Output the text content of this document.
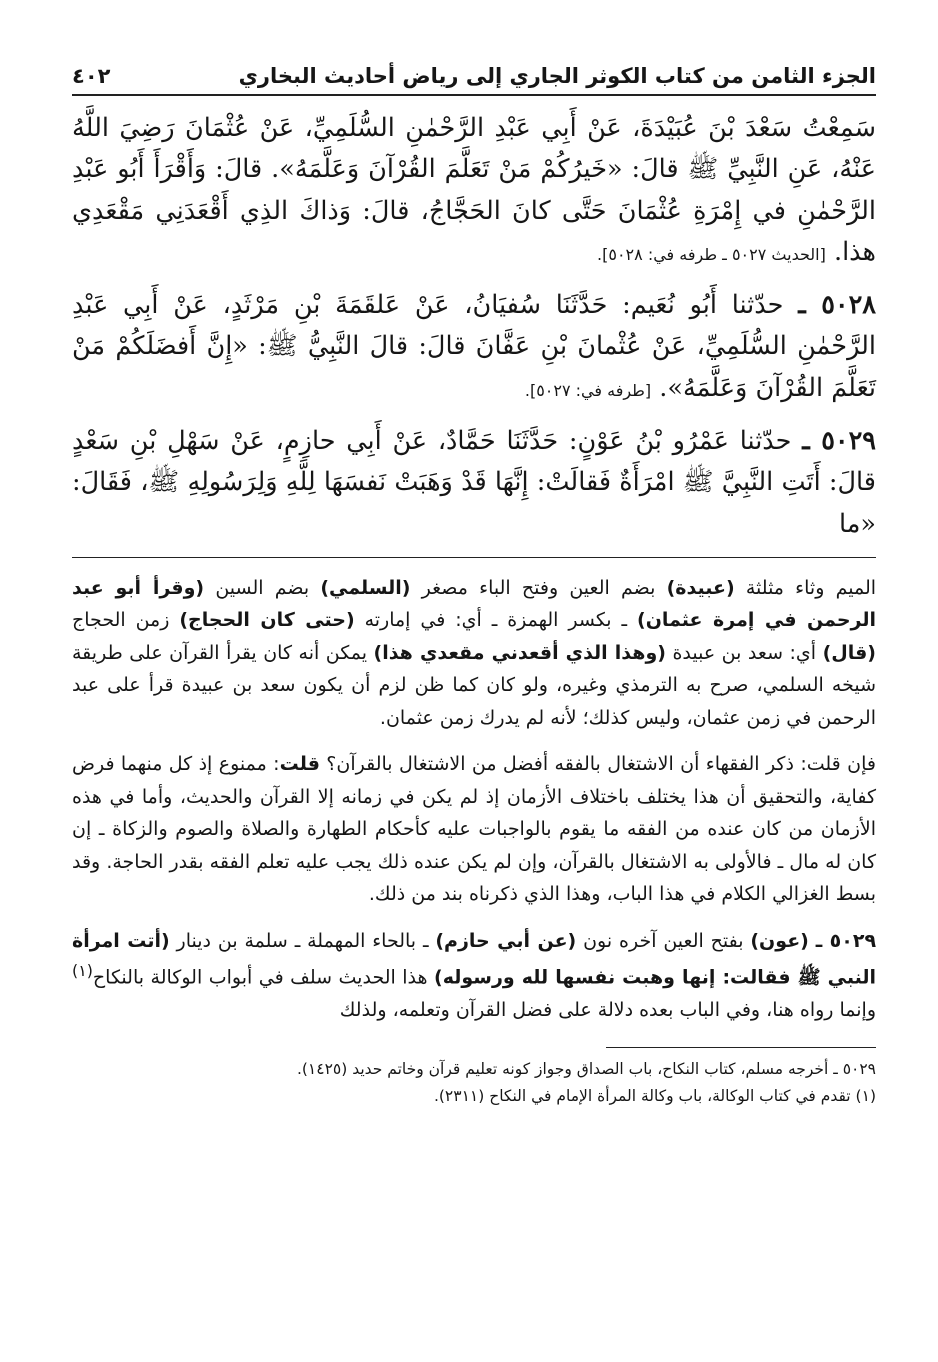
الجزء الثامن من كتاب الكوثر الجاري إلى رياض أحاديث البخاري
٤٠٢

سَمِعْتُ سَعْدَ بْنَ عُبَيْدَةَ، عَنْ أَبِي عَبْدِ الرَّحْمٰنِ السُّلَمِيِّ، عَنْ عُثْمَانَ رَضِيَ اللَّهُ عَنْهُ، عَنِ النَّبِيِّ ﷺ قالَ: «خَيرُكُمْ مَنْ تَعَلَّمَ القُرْآنَ وَعَلَّمَهُ». قالَ: وَأَقْرَأَ أَبُو عَبْدِ الرَّحْمٰنِ في إِمْرَةِ عُثْمَانَ حَتَّى كانَ الحَجَّاجُ، قالَ: وَذاكَ الذِي أَقْعَدَنِي مَقْعَدِي هذا. [الحديث ٥٠٢٧ ـ طرفه في: ٥٠٢٨].

٥٠٢٨ ـ حدّثنا أَبُو نُعَيم: حَدَّثَنَا سُفيَانُ، عَنْ عَلقَمَةَ بْنِ مَرْثَدٍ، عَنْ أَبِي عَبْدِ الرَّحْمٰنِ السُّلَمِيِّ، عَنْ عُثْمانَ بْنِ عَفَّانَ قالَ: قالَ النَّبِيُّ ﷺ: «إِنَّ أَفضَلَكُمْ مَنْ تَعَلَّمَ القُرْآنَ وَعَلَّمَهُ». [طرفه في: ٥٠٢٧].

٥٠٢٩ ـ حدّثنا عَمْرُو بْنُ عَوْنٍ: حَدَّثَنَا حَمَّادٌ، عَنْ أَبِي حازِمٍ، عَنْ سَهْلِ بْنِ سَعْدٍ قالَ: أَتَتِ النَّبِيَّ ﷺ امْرَأَةٌ فَقالَتْ: إِنَّهَا قَدْ وَهَبَتْ نَفسَهَا لِلَّهِ وَلِرَسُولِهِ ﷺ، فَقَالَ: «ما

الميم وثاء مثلثة (عبيدة) بضم العين وفتح الباء مصغر (السلمي) بضم السين (وقرأ أبو عبد الرحمن في إمرة عثمان) ـ بكسر الهمزة ـ أي: في إمارته (حتى كان الحجاج) زمن الحجاج (قال) أي: سعد بن عبيدة (وهذا الذي أقعدني مقعدي هذا) يمكن أنه كان يقرأ القرآن على طريقة شيخه السلمي، صرح به الترمذي وغيره، ولو كان كما ظن لزم أن يكون سعد بن عبيدة قرأ على عبد الرحمن في زمن عثمان، وليس كذلك؛ لأنه لم يدرك زمن عثمان.

فإن قلت: ذكر الفقهاء أن الاشتغال بالفقه أفضل من الاشتغال بالقرآن؟ قلت: ممنوع إذ كل منهما فرض كفاية، والتحقيق أن هذا يختلف باختلاف الأزمان إذ لم يكن في زمانه إلا القرآن والحديث، وأما في هذه الأزمان من كان عنده من الفقه ما يقوم بالواجبات عليه كأحكام الطهارة والصلاة والصوم والزكاة ـ إن كان له مال ـ فالأولى به الاشتغال بالقرآن، وإن لم يكن عنده ذلك يجب عليه تعلم الفقه بقدر الحاجة. وقد بسط الغزالي الكلام في هذا الباب، وهذا الذي ذكرناه بند من ذلك.

٥٠٢٩ ـ (عون) بفتح العين آخره نون (عن أبي حازم) ـ بالحاء المهملة ـ سلمة بن دينار (أتت امرأة النبي ﷺ فقالت: إنها وهبت نفسها لله ورسوله) هذا الحديث سلف في أبواب الوكالة بالنكاح$^{(١)}$ وإنما رواه هنا، وفي الباب بعده دلالة على فضل القرآن وتعلمه، ولذلك

٥٠٢٩ ـ أخرجه مسلم، كتاب النكاح، باب الصداق وجواز كونه تعليم قرآن وخاتم حديد (١٤٢٥).

(١) تقدم في كتاب الوكالة، باب وكالة المرأة الإمام في النكاح (٢٣١١).
